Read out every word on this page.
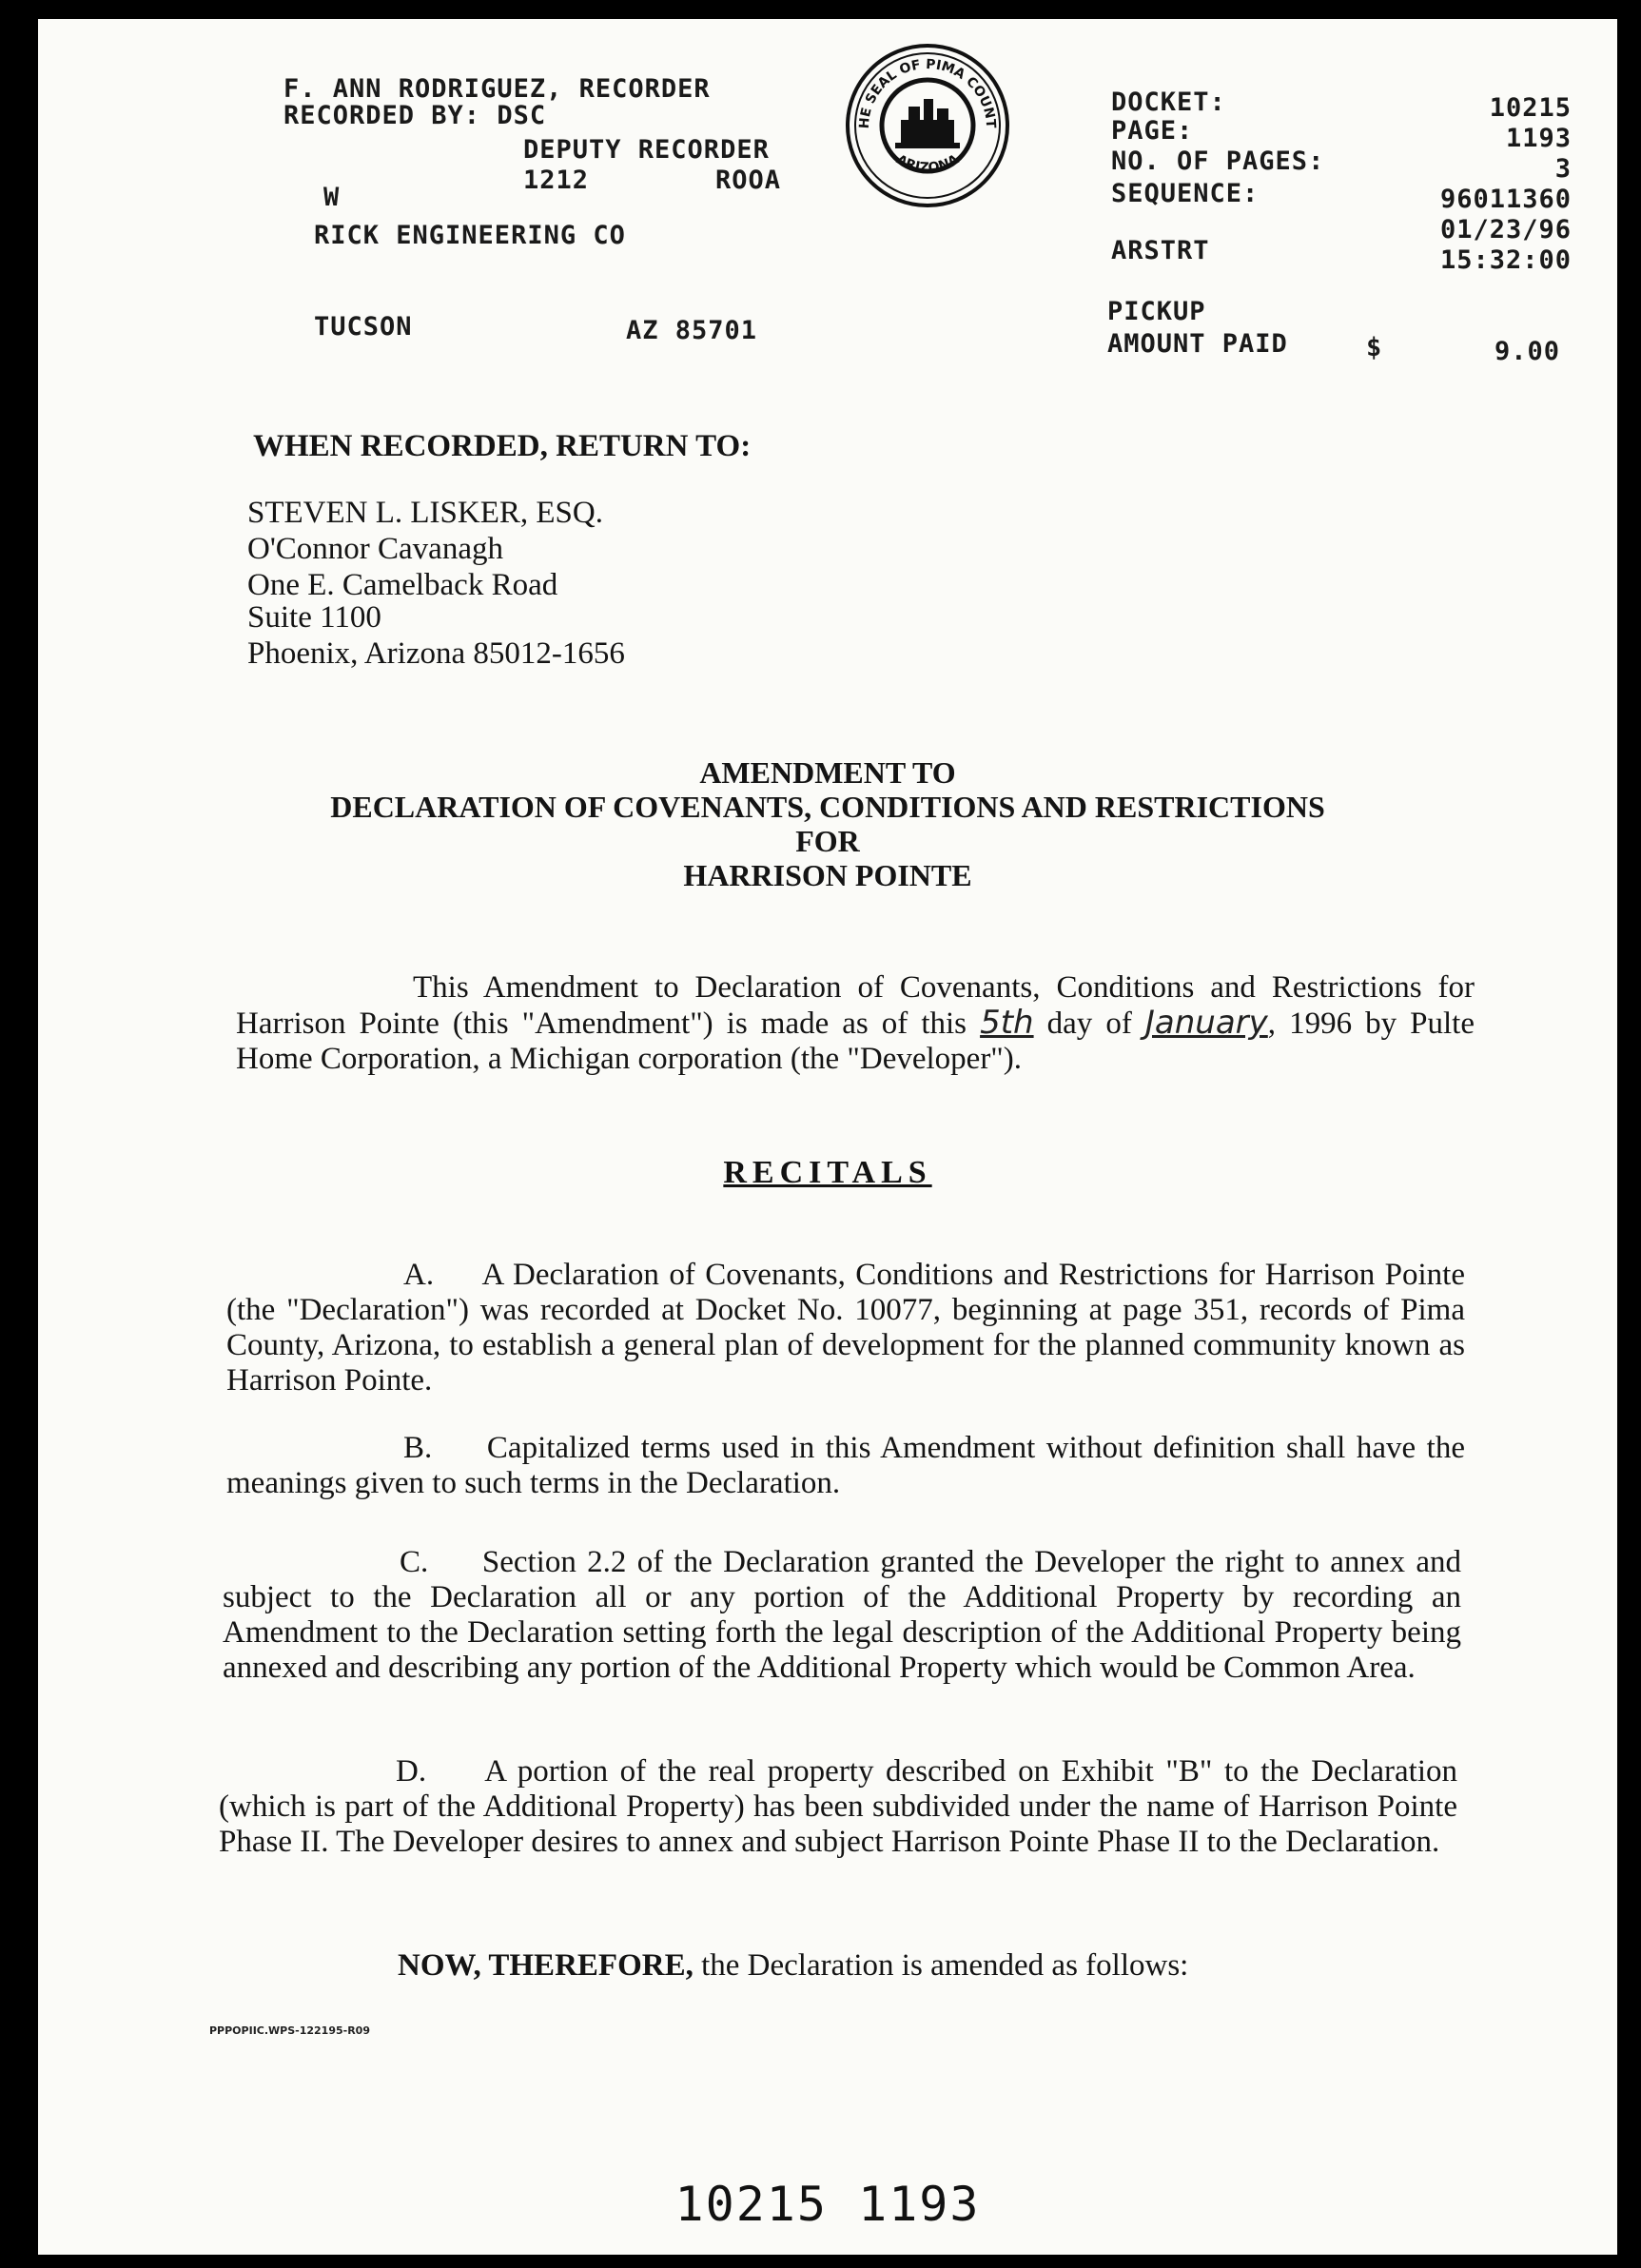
F. ANN RODRIGUEZ, RECORDER
RECORDED BY: DSC
DEPUTY RECORDER
1212	ROOA
W
RICK ENGINEERING CO
TUCSON	AZ 85701
HE SEAL OF PIMA COUNT
ARIZONA
DOCKET:	10215
PAGE:	1193
NO. OF PAGES:	3
SEQUENCE:	96011360
01/23/96
ARSTRT	15:32:00
PICKUP
AMOUNT PAID	$	9.00
WHEN RECORDED, RETURN TO:
STEVEN L. LISKER, ESQ.
O'Connor Cavanagh
One E. Camelback Road
Suite 1100
Phoenix, Arizona 85012-1656
AMENDMENT TO
DECLARATION OF COVENANTS, CONDITIONS AND RESTRICTIONS
FOR
HARRISON POINTE
This Amendment to Declaration of Covenants, Conditions and Restrictions for Harrison Pointe (this "Amendment") is made as of this 5th day of January, 1996 by Pulte Home Corporation, a Michigan corporation (the "Developer").
RECITALS
A. A Declaration of Covenants, Conditions and Restrictions for Harrison Pointe (the "Declaration") was recorded at Docket No. 10077, beginning at page 351, records of Pima County, Arizona, to establish a general plan of development for the planned community known as Harrison Pointe.
B. Capitalized terms used in this Amendment without definition shall have the meanings given to such terms in the Declaration.
C. Section 2.2 of the Declaration granted the Developer the right to annex and subject to the Declaration all or any portion of the Additional Property by recording an Amendment to the Declaration setting forth the legal description of the Additional Property being annexed and describing any portion of the Additional Property which would be Common Area.
D. A portion of the real property described on Exhibit "B" to the Declaration (which is part of the Additional Property) has been subdivided under the name of Harrison Pointe Phase II. The Developer desires to annex and subject Harrison Pointe Phase II to the Declaration.
NOW, THEREFORE, the Declaration is amended as follows:
PPPOPIIC.WPS-122195-R09
10215 1193
